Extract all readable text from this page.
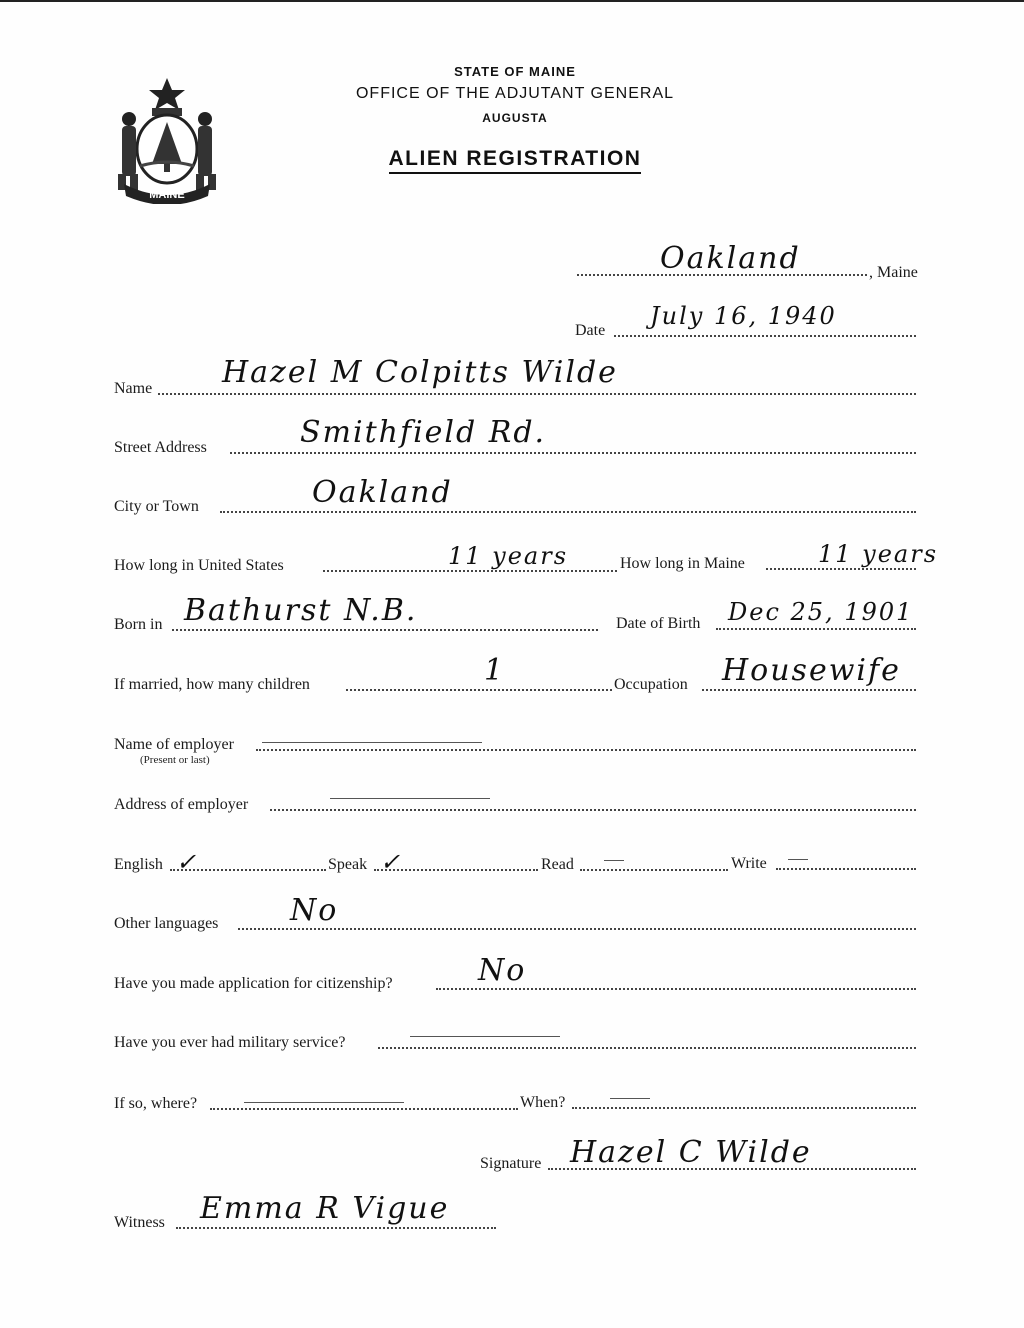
MAINE
STATE OF MAINE
OFFICE OF THE ADJUTANT GENERAL
AUGUSTA
ALIEN REGISTRATION
Oakland	, Maine
Date
July 16, 1940
Name Hazel M Colpitts Wilde
Street Address	Smithfield Rd.
City or Town	Oakland
How long in United States	11 years	How long in Maine	11 years
Born in Bathurst N.B.	Date of Birth Dec 25, 1901
If married, how many children	1	Occupation Housewife
Name of employer
(Present or last)
Address of employer
English ✓	Speak ✓	Read	Write
Other languages No
Have you made application for citizenship?	No
Have you ever had military service?
If so, where?	When?
Signature Hazel C Wilde
Witness Emma R Vigue
